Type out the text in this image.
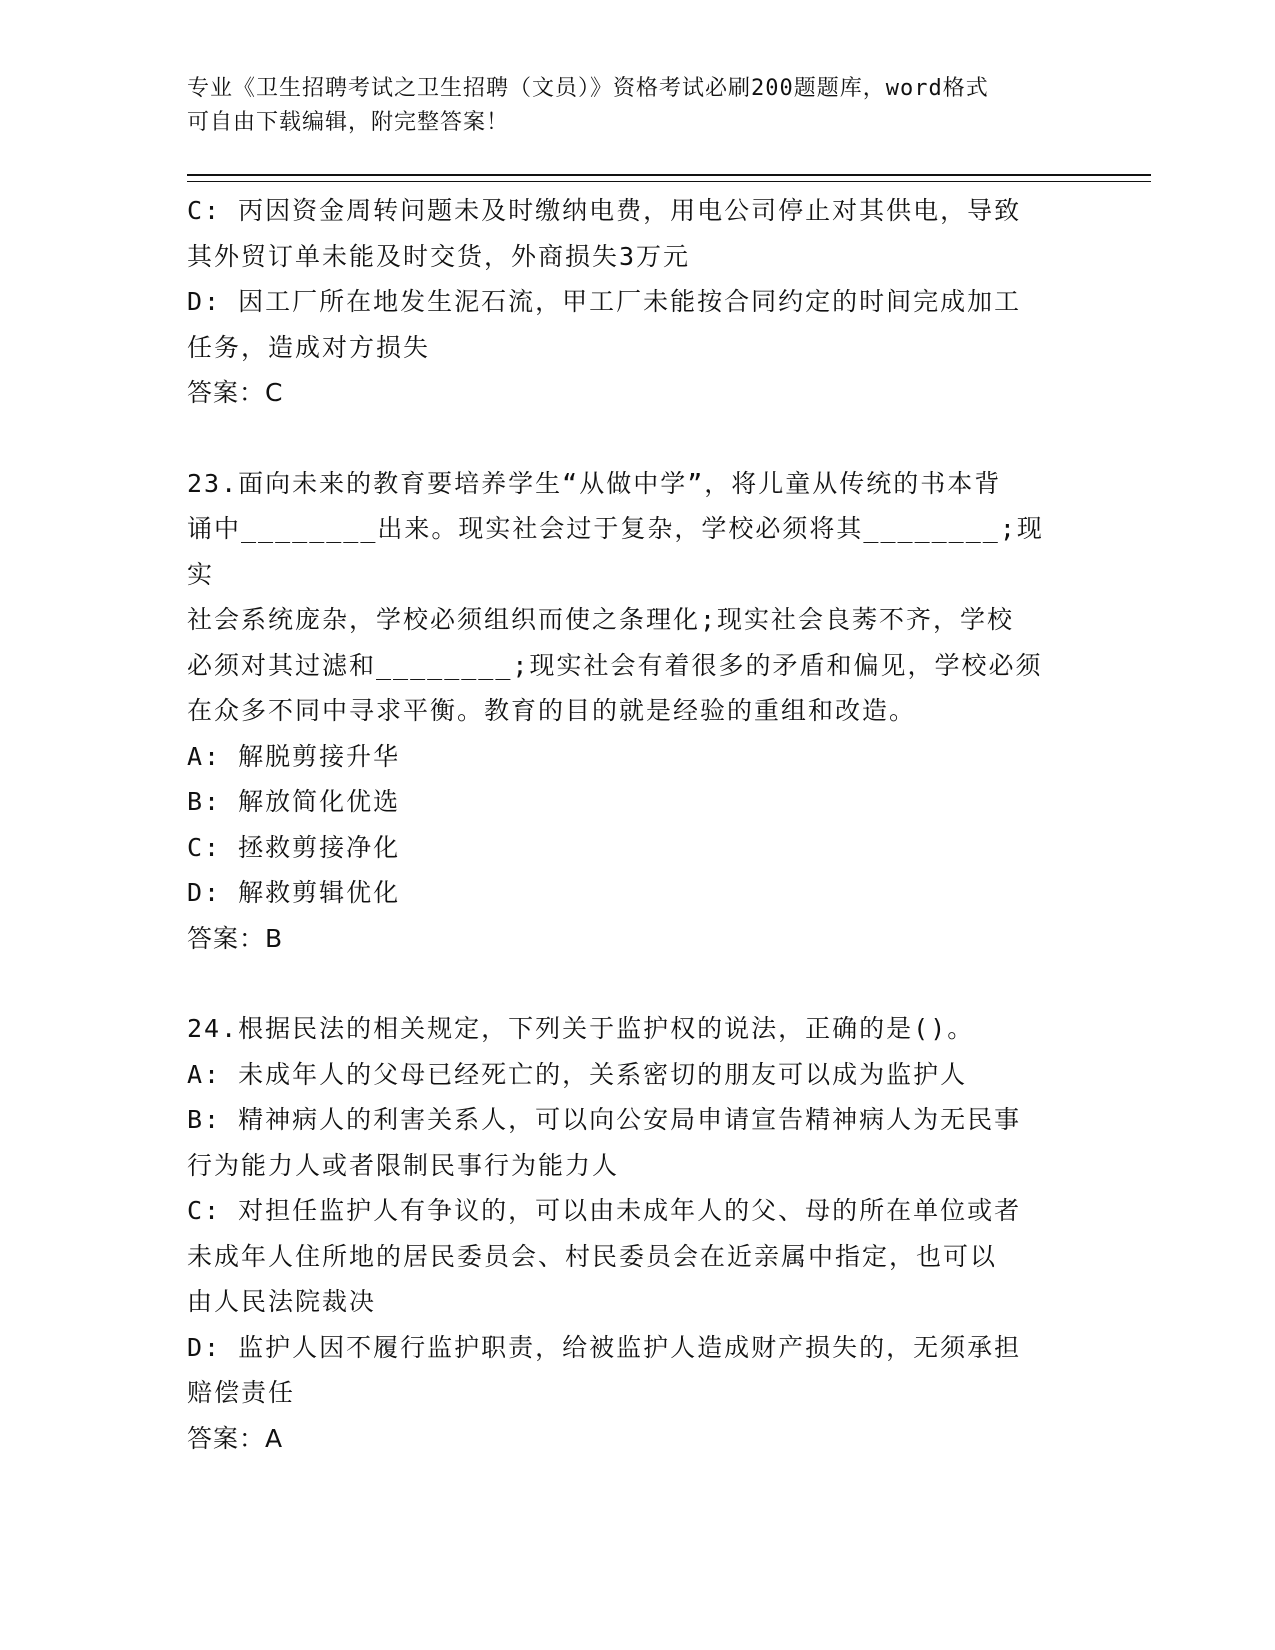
专业《卫生招聘考试之卫生招聘（文员）》资格考试必刷200题题库，word格式
可自由下载编辑，附完整答案！

C: 丙因资金周转问题未及时缴纳电费，用电公司停止对其供电，导致

其外贸订单未能及时交货，外商损失3万元

D: 因工厂所在地发生泥石流，甲工厂未能按合同约定的时间完成加工

任务，造成对方损失

答案：C

23.面向未来的教育要培养学生“从做中学”，将儿童从传统的书本背

诵中________出来。现实社会过于复杂，学校必须将其________;现实

社会系统庞杂，学校必须组织而使之条理化;现实社会良莠不齐，学校

必须对其过滤和________;现实社会有着很多的矛盾和偏见，学校必须

在众多不同中寻求平衡。教育的目的就是经验的重组和改造。

A: 解脱剪接升华

B: 解放简化优选

C: 拯救剪接净化

D: 解救剪辑优化

答案：B

24.根据民法的相关规定，下列关于监护权的说法，正确的是()。

A: 未成年人的父母已经死亡的，关系密切的朋友可以成为监护人

B: 精神病人的利害关系人，可以向公安局申请宣告精神病人为无民事

行为能力人或者限制民事行为能力人

C: 对担任监护人有争议的，可以由未成年人的父、母的所在单位或者

未成年人住所地的居民委员会、村民委员会在近亲属中指定，也可以

由人民法院裁决

D: 监护人因不履行监护职责，给被监护人造成财产损失的，无须承担

赔偿责任

答案：A
